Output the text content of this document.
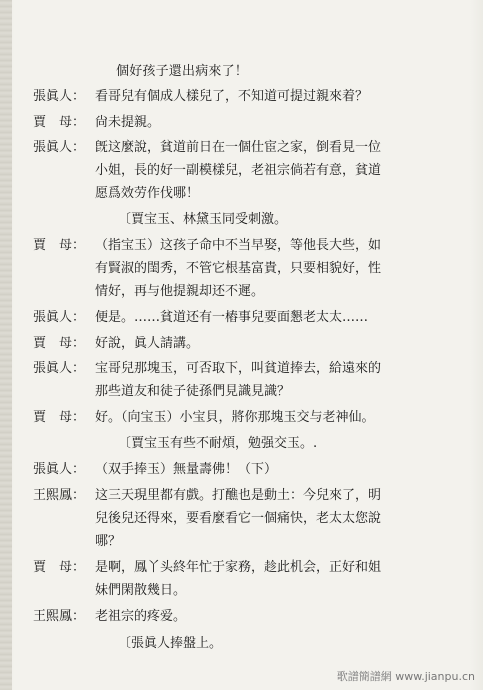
個好孩子還出病來了！
張眞人： 看哥兒有個成人樣兒了，不知道可提过親來着？
賈　母： 尙未提親。
張眞人： 旣这麼說，貧道前日在一個仕宦之家，倒看見一位
小姐，長的好一副模樣兒，老祖宗倘若有意，貧道
愿爲效劳作伐哪！
〔賈宝玉、林黛玉同受刺激。
賈　母： （指宝玉）这孩子命中不当早娶，等他長大些，如
有賢淑的閨秀，不管它根基富貴，只要相貌好，性
情好，再与他提親却还不遲。
張眞人： 便是。……貧道还有一樁事兒要面懇老太太……
賈　母： 好說，眞人請講。
張眞人： 宝哥兒那塊玉，可否取下，叫貧道捧去，給遠來的
那些道友和徒子徒孫們見識見識？
賈　母： 好。（向宝玉）小宝貝，將你那塊玉交与老神仙。
〔賈宝玉有些不耐煩，勉强交玉。.
張眞人： （双手捧玉）無量壽佛！（下）
王熙鳳： 这三天現里都有戲。打醮也是動土：今兒來了，明
兒後兒还得來，要看麼看它一個痛快，老太太您說
哪？
賈　母： 是啊，鳳丫头終年忙于家務，趁此机会，正好和姐
妹們閑散幾日。
王熙鳳： 老祖宗的疼爱。
〔張眞人捧盤上。
歌譜簡譜網 www.jianpu.cn
